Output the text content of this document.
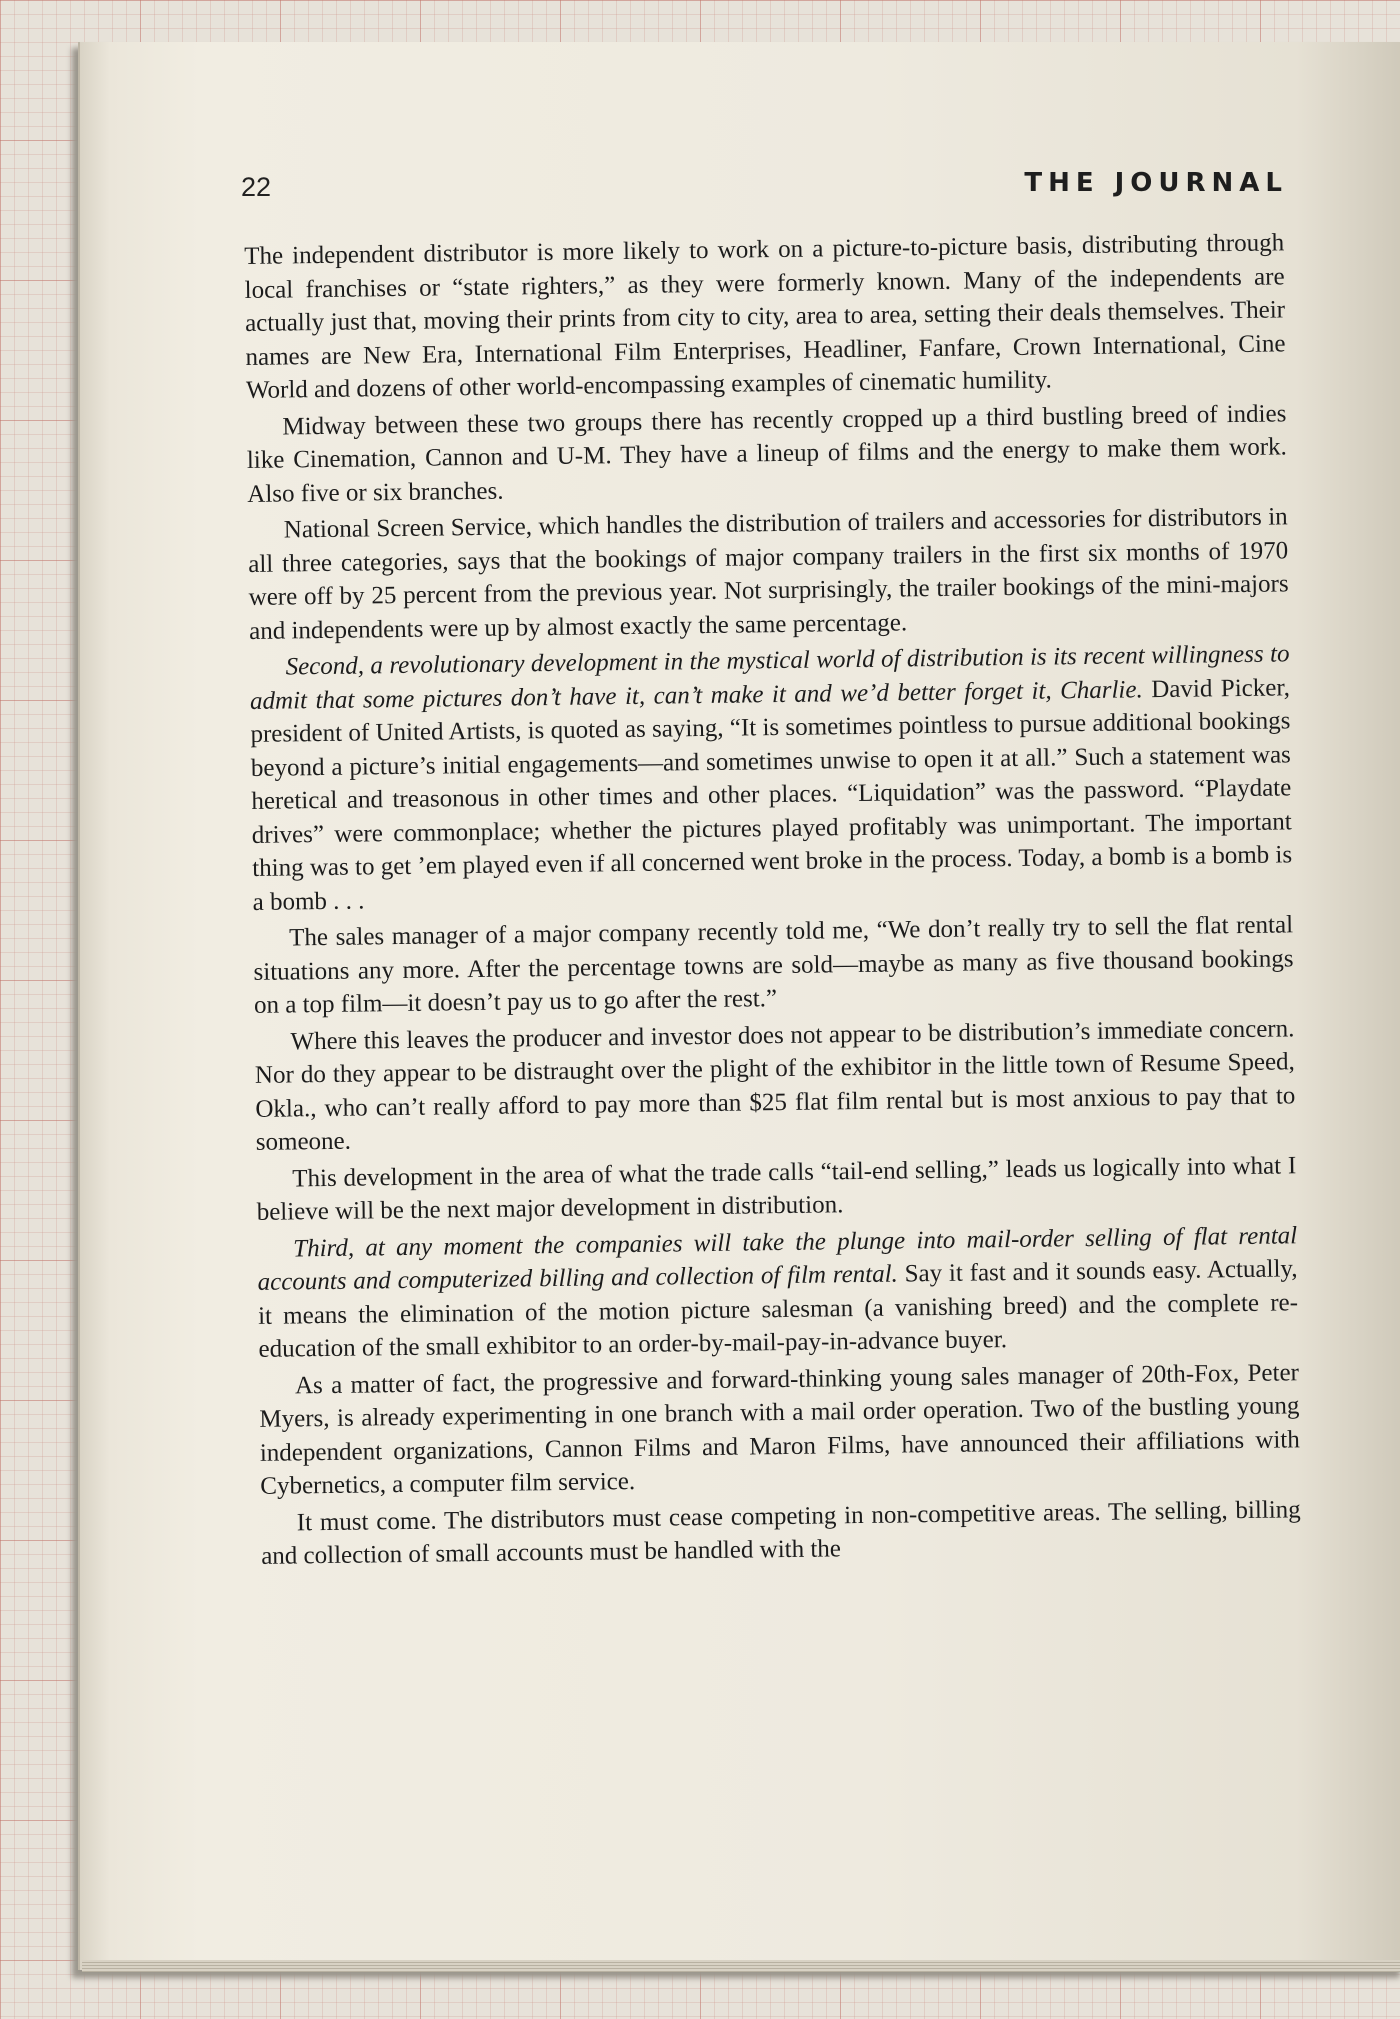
22	THE JOURNAL

The independent distributor is more likely to work on a picture-to-picture basis, distributing through local franchises or “state righters,” as they were formerly known. Many of the independents are actually just that, moving their prints from city to city, area to area, setting their deals themselves. Their names are New Era, International Film Enterprises, Headliner, Fanfare, Crown International, Cine World and dozens of other world-encompassing examples of cinematic humility.

Midway between these two groups there has recently cropped up a third bustling breed of indies like Cinemation, Cannon and U-M. They have a lineup of films and the energy to make them work. Also five or six branches.

National Screen Service, which handles the distribution of trailers and accessories for distributors in all three categories, says that the bookings of major company trailers in the first six months of 1970 were off by 25 percent from the previous year. Not surprisingly, the trailer bookings of the mini-majors and independents were up by almost exactly the same percentage.

Second, a revolutionary development in the mystical world of distribution is its recent willingness to admit that some pictures don’t have it, can’t make it and we’d better forget it, Charlie. David Picker, president of United Artists, is quoted as saying, “It is sometimes pointless to pursue additional bookings beyond a picture’s initial engagements—and sometimes unwise to open it at all.” Such a statement was heretical and treasonous in other times and other places. “Liquidation” was the password. “Playdate drives” were commonplace; whether the pictures played profitably was unimportant. The important thing was to get ’em played even if all concerned went broke in the process. Today, a bomb is a bomb is a bomb . . .

The sales manager of a major company recently told me, “We don’t really try to sell the flat rental situations any more. After the percentage towns are sold—maybe as many as five thousand bookings on a top film—it doesn’t pay us to go after the rest.”

Where this leaves the producer and investor does not appear to be distribution’s immediate concern. Nor do they appear to be distraught over the plight of the exhibitor in the little town of Resume Speed, Okla., who can’t really afford to pay more than $25 flat film rental but is most anxious to pay that to someone.

This development in the area of what the trade calls “tail-end selling,” leads us logically into what I believe will be the next major development in distribution.

Third, at any moment the companies will take the plunge into mail-order selling of flat rental accounts and computerized billing and collection of film rental. Say it fast and it sounds easy. Actually, it means the elimination of the motion picture salesman (a vanishing breed) and the complete re-education of the small exhibitor to an order-by-mail-pay-in-advance buyer.

As a matter of fact, the progressive and forward-thinking young sales manager of 20th-Fox, Peter Myers, is already experimenting in one branch with a mail order operation. Two of the bustling young independent organizations, Cannon Films and Maron Films, have announced their affiliations with Cybernetics, a computer film service.

It must come. The distributors must cease competing in non-competitive areas. The selling, billing and collection of small accounts must be handled with the
